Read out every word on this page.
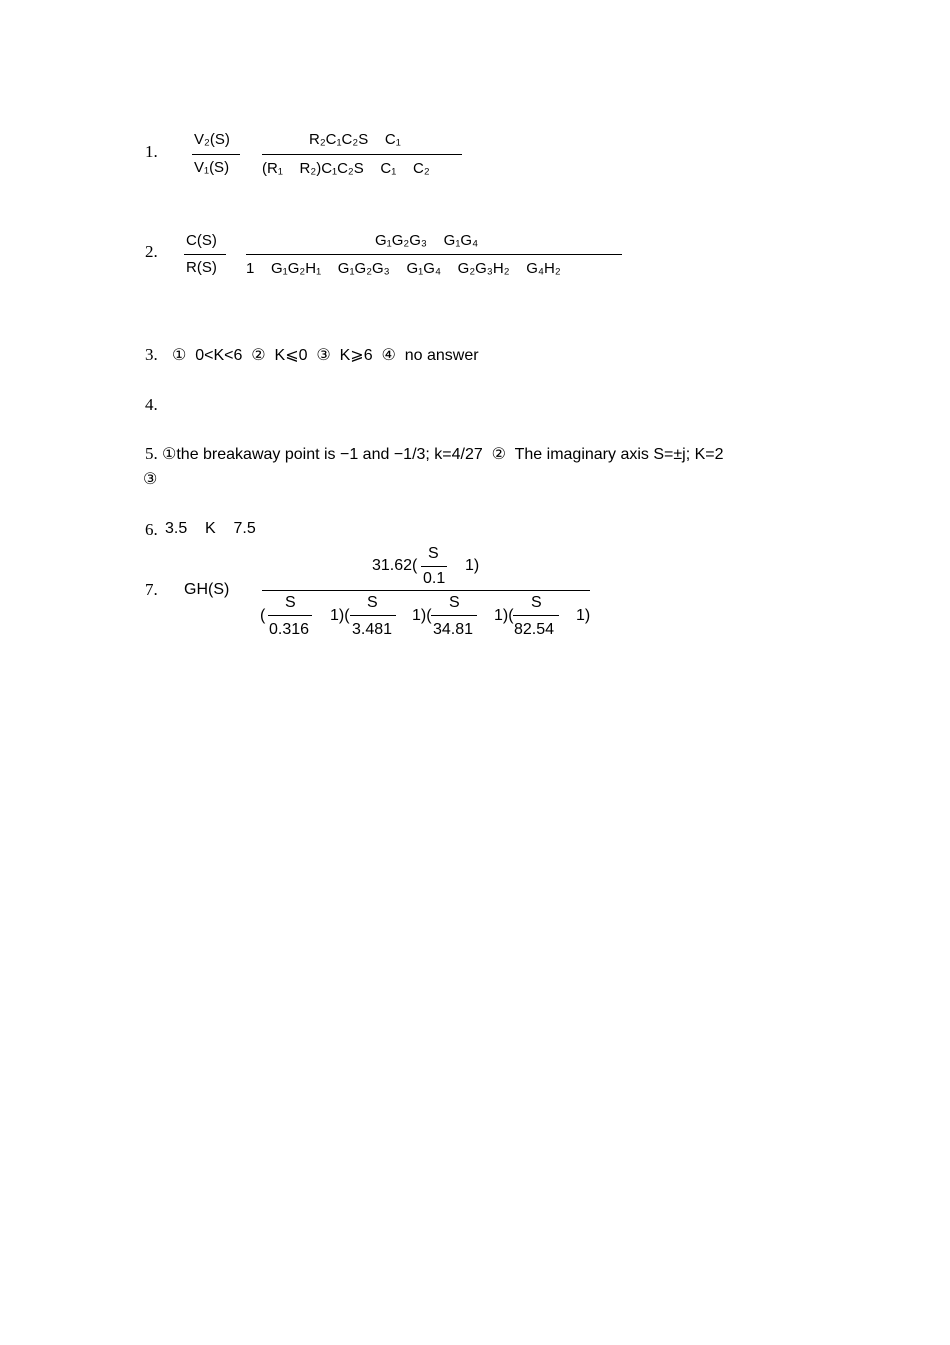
1.
V₂(S)
V₁(S)
R₂C₁C₂S    C₁
(R₁    R₂)C₁C₂S    C₁    C₂
2.
C(S)
R(S)
G₁G₂G₃    G₁G₄
1    G₁G₂H₁    G₁G₂G₃    G₁G₄    G₂G₃H₂    G₄H₂
3. ①  0<K<6  ②  K⩽0  ③  K⩾6  ④  no answer
4.
5. ①the breakaway point is −1 and −1/3; k=4/27  ②  The imaginary axis S=±j; K=2
③
6. 3.5    K    7.5
7. GH(S)
31.62(
S
0.1
1)
(
S
0.316
1)(
S
3.481
1)(
S
34.81
1)(
S
82.54
1)
